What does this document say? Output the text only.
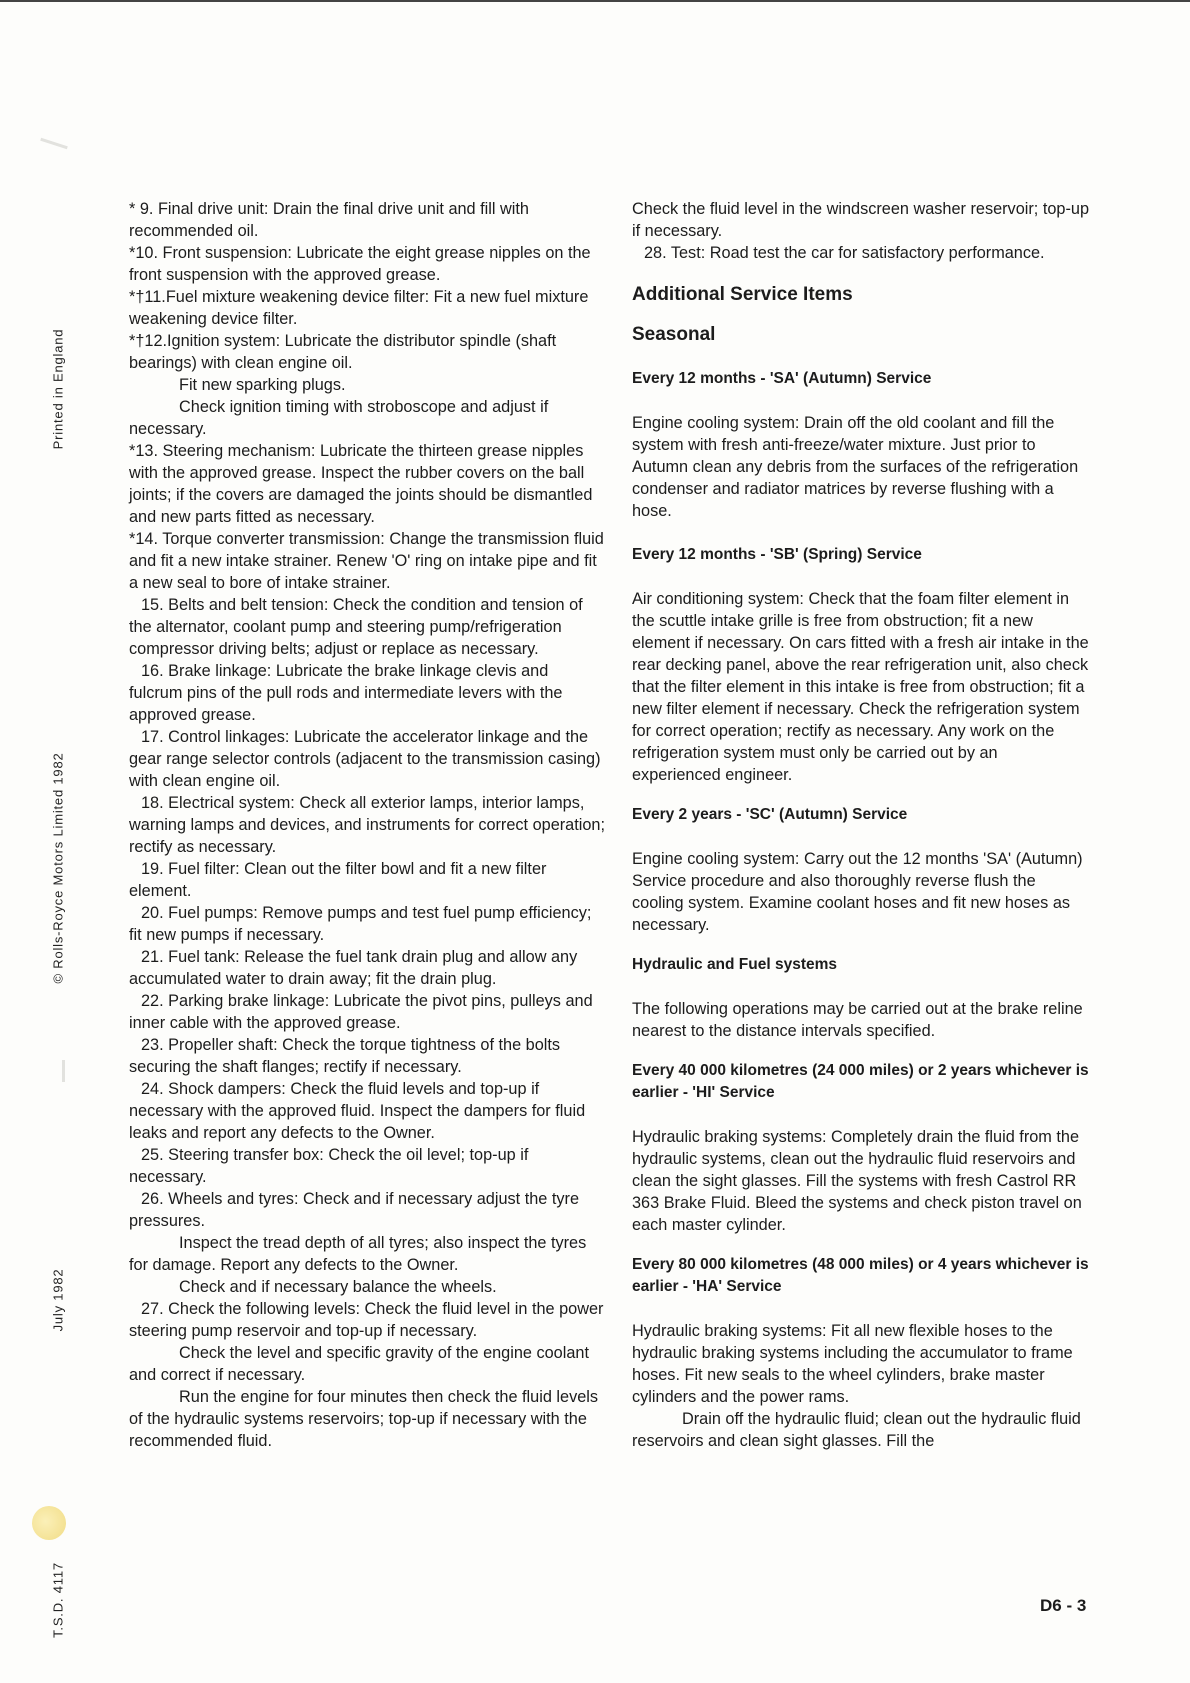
Printed in England
© Rolls-Royce Motors Limited 1982
July 1982
T.S.D. 4117

* 9. Final drive unit: Drain the final drive unit and fill with recommended oil.

*10. Front suspension: Lubricate the eight grease nipples on the front suspension with the approved grease.

*†11.Fuel mixture weakening device filter: Fit a new fuel mixture weakening device filter.

*†12.Ignition system: Lubricate the distributor spindle (shaft bearings) with clean engine oil.

Fit new sparking plugs.

Check ignition timing with stroboscope and adjust if necessary.

*13. Steering mechanism: Lubricate the thirteen grease nipples with the approved grease. Inspect the rubber covers on the ball joints; if the covers are damaged the joints should be dismantled and new parts fitted as necessary.

*14. Torque converter transmission: Change the transmission fluid and fit a new intake strainer. Renew 'O' ring on intake pipe and fit a new seal to bore of intake strainer.

15. Belts and belt tension: Check the condition and tension of the alternator, coolant pump and steering pump/refrigeration compressor driving belts; adjust or replace as necessary.

16. Brake linkage: Lubricate the brake linkage clevis and fulcrum pins of the pull rods and intermediate levers with the approved grease.

17. Control linkages: Lubricate the accelerator linkage and the gear range selector controls (adjacent to the transmission casing) with clean engine oil.

18. Electrical system: Check all exterior lamps, interior lamps, warning lamps and devices, and instruments for correct operation; rectify as necessary.

19. Fuel filter: Clean out the filter bowl and fit a new filter element.

20. Fuel pumps: Remove pumps and test fuel pump efficiency; fit new pumps if necessary.

21. Fuel tank: Release the fuel tank drain plug and allow any accumulated water to drain away; fit the drain plug.

22. Parking brake linkage: Lubricate the pivot pins, pulleys and inner cable with the approved grease.

23. Propeller shaft: Check the torque tightness of the bolts securing the shaft flanges; rectify if necessary.

24. Shock dampers: Check the fluid levels and top-up if necessary with the approved fluid. Inspect the dampers for fluid leaks and report any defects to the Owner.

25. Steering transfer box: Check the oil level; top-up if necessary.

26. Wheels and tyres: Check and if necessary adjust the tyre pressures.

Inspect the tread depth of all tyres; also inspect the tyres for damage. Report any defects to the Owner.

Check and if necessary balance the wheels.

27. Check the following levels: Check the fluid level in the power steering pump reservoir and top-up if necessary.

Check the level and specific gravity of the engine coolant and correct if necessary.

Run the engine for four minutes then check the fluid levels of the hydraulic systems reservoirs; top-up if necessary with the recommended fluid.

Check the fluid level in the windscreen washer reservoir; top-up if necessary.

28. Test: Road test the car for satisfactory performance.

Additional Service Items

Seasonal

Every 12 months - 'SA' (Autumn) Service

Engine cooling system: Drain off the old coolant and fill the system with fresh anti-freeze/water mixture. Just prior to Autumn clean any debris from the surfaces of the refrigeration condenser and radiator matrices by reverse flushing with a hose.

Every 12 months - 'SB' (Spring) Service

Air conditioning system: Check that the foam filter element in the scuttle intake grille is free from obstruction; fit a new element if necessary. On cars fitted with a fresh air intake in the rear decking panel, above the rear refrigeration unit, also check that the filter element in this intake is free from obstruction; fit a new filter element if necessary. Check the refrigeration system for correct operation; rectify as necessary. Any work on the refrigeration system must only be carried out by an experienced engineer.

Every 2 years - 'SC' (Autumn) Service

Engine cooling system: Carry out the 12 months 'SA' (Autumn) Service procedure and also thoroughly reverse flush the cooling system. Examine coolant hoses and fit new hoses as necessary.

Hydraulic and Fuel systems

The following operations may be carried out at the brake reline nearest to the distance intervals specified.

Every 40 000 kilometres (24 000 miles) or 2 years whichever is earlier - 'HI' Service

Hydraulic braking systems: Completely drain the fluid from the hydraulic systems, clean out the hydraulic fluid reservoirs and clean the sight glasses. Fill the systems with fresh Castrol RR 363 Brake Fluid. Bleed the systems and check piston travel on each master cylinder.

Every 80 000 kilometres (48 000 miles) or 4 years whichever is earlier - 'HA' Service

Hydraulic braking systems: Fit all new flexible hoses to the hydraulic braking systems including the accumulator to frame hoses. Fit new seals to the wheel cylinders, brake master cylinders and the power rams.

Drain off the hydraulic fluid; clean out the hydraulic fluid reservoirs and clean sight glasses. Fill the

D6 - 3
